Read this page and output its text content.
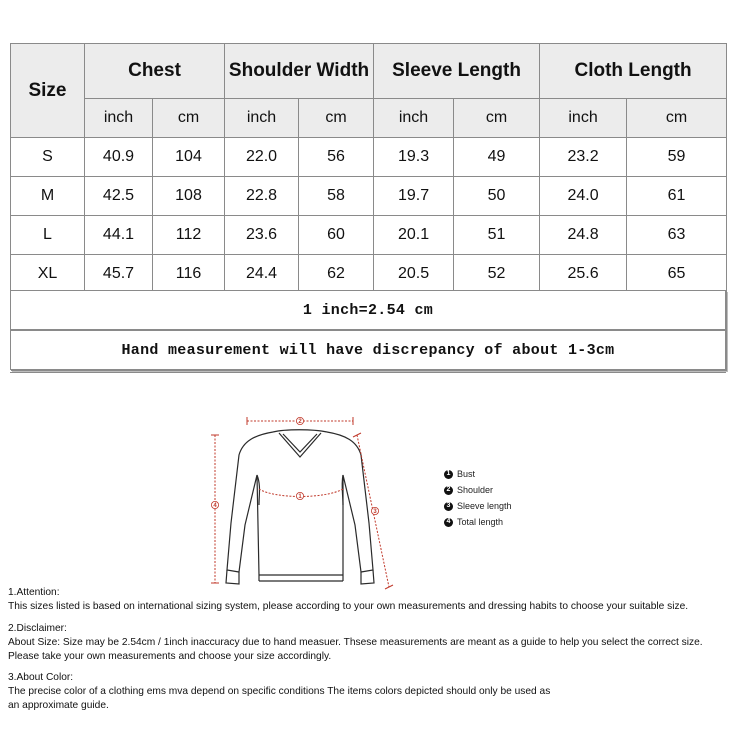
Size	Chest		Shoulder Width		Sleeve Length		Cloth Length	
	inch	cm	inch	cm	inch	cm	inch	cm
S	40.9	104	22.0	56	19.3	49	23.2	59
M	42.5	108	22.8	58	19.7	50	24.0	61
L	44.1	112	23.6	60	20.1	51	24.8	63
XL	45.7	116	24.4	62	20.5	52	25.6	65
1 inch=2.54 cm
Hand measurement will have discrepancy of about 1-3cm
2
1
4
3
1 Bust
2 Shoulder
3 Sleeve length
4 Total length
1.Attention:
This sizes listed is based on international sizing system, please according to your own measurements and dressing habits to choose your suitable size.
2.Disclaimer:
About Size: Size may be 2.54cm / 1inch inaccuracy due to hand measuer. Thsese measurements are meant as a guide to help you select the correct size.
Please take your own measurements and choose your size accordingly.
3.About Color:
The precise color of a clothing ems mva depend on specific conditions The items colors depicted should only be used as
an approximate guide.
